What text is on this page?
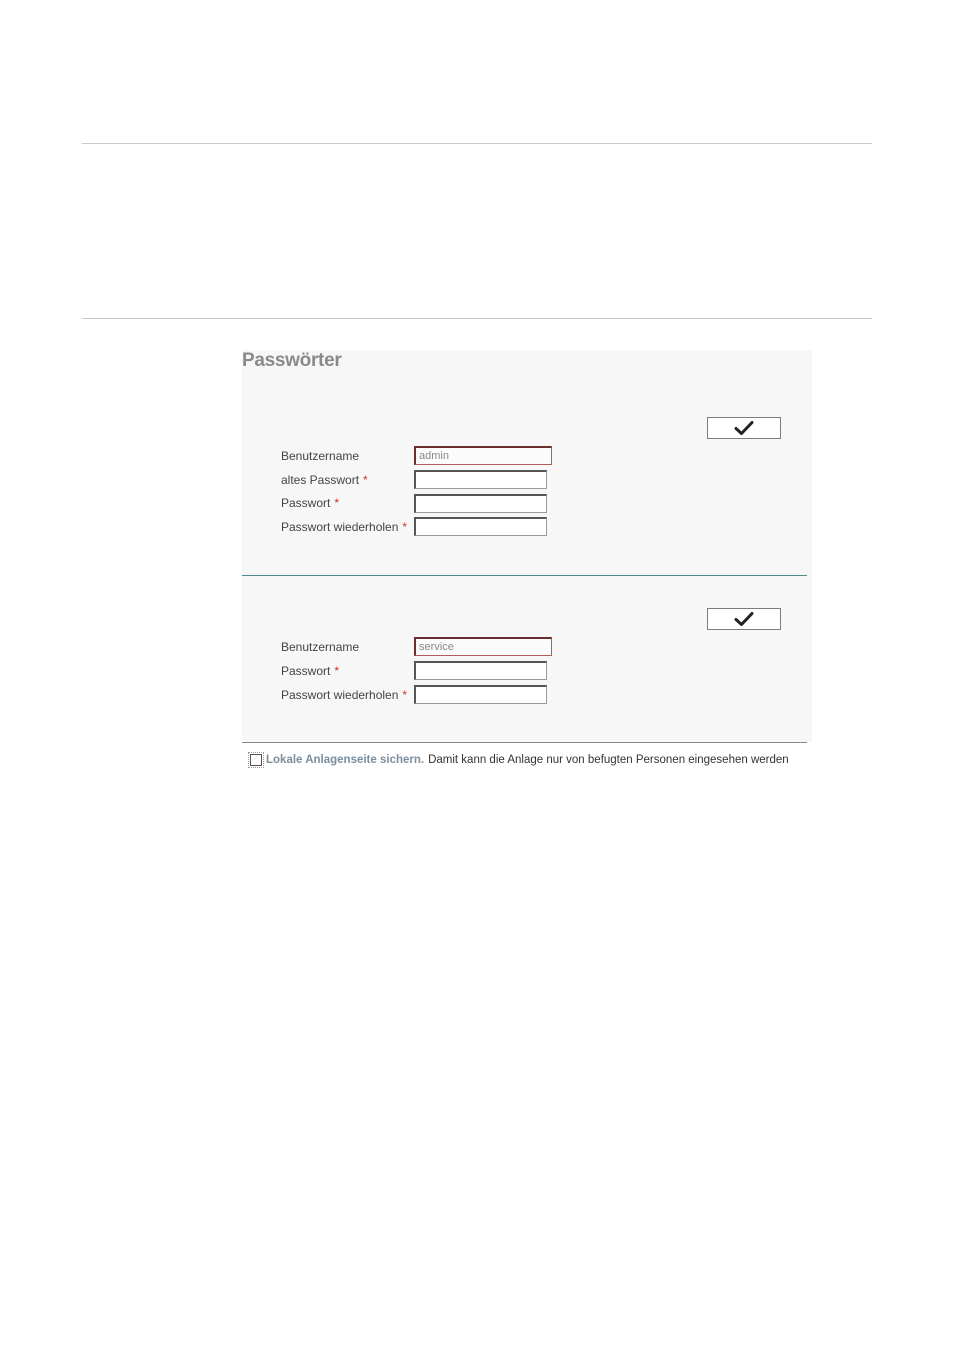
Passwörter
Benutzername
admin
altes Passwort *
Passwort *
Passwort wiederholen *
Benutzername
service
Passwort *
Passwort wiederholen *
Lokale Anlagenseite sichern. Damit kann die Anlage nur von befugten Personen eingesehen werden
